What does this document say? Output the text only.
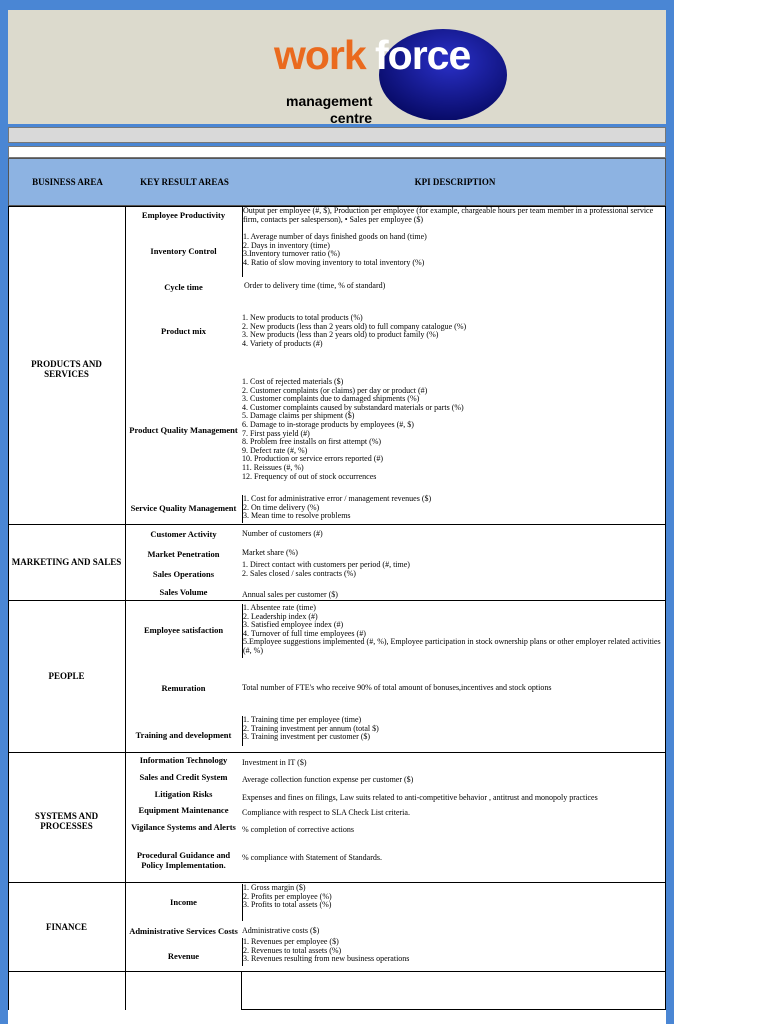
work force
management
centre
BUSINESS AREA	KEY RESULT AREAS	KPI DESCRIPTION
PRODUCTS AND SERVICES
MARKETING AND SALES
PEOPLE
SYSTEMS AND PROCESSES
FINANCE
Employee Productivity
Inventory Control
Cycle time
Product mix
Product Quality Management
Service Quality Management
Customer Activity
Market Penetration
Sales Operations
Sales Volume
Employee satisfaction
Remuration
Training and development
Information Technology
Sales and Credit System
Litigation Risks
Equipment Maintenance
Vigilance Systems and Alerts
Procedural Guidance and Policy Implementation.
Income
Administrative Services Costs
Revenue
Output per employee (#, $), Production per employee (for example, chargeable hours per team member in a professional service firm, contacts per salesperson), • Sales per employee ($)
1. Average number of days finished goods on hand (time)
2. Days in inventory (time)
3.Inventory turnover ratio (%)
4. Ratio of slow moving inventory to total inventory (%)
Order to delivery time (time, % of standard)
1. New products to total products (%)
2. New products (less than 2 years old) to full company catalogue (%)
3. New products (less than 2 years old) to product family (%)
4. Variety of products (#)
1. Cost of rejected materials ($)
2. Customer complaints (or claims) per day or product (#)
3. Customer complaints due to damaged shipments (%)
4. Customer complaints caused by substandard materials or parts (%)
5. Damage claims per shipment ($)
6. Damage to in-storage products by employees (#, $)
7. First pass yield (#)
8. Problem free installs on first attempt (%)
9. Defect rate (#, %)
10. Production or service errors reported (#)
11. Reissues (#, %)
12. Frequency of out of stock occurrences
1. Cost for administrative error / management revenues ($)
2. On time delivery (%)
3. Mean time to resolve problems
Number of customers (#)
Market share (%)
1. Direct contact with customers per period (#, time)
2. Sales closed / sales contracts (%)
Annual sales per customer ($)
1. Absentee rate (time)
2. Leadership index (#)
3. Satisfied employee index (#)
4. Turnover of full time employees (#)
5.Employee suggestions implemented (#, %), Employee participation in stock ownership plans or other employer related activities (#, %)
Total number of FTE's who receive 90% of total amount of bonuses,incentives and stock options
1. Training time per employee (time)
2. Training investment per annum (total $)
3. Training investment per customer ($)
Investment in IT ($)
Average collection function expense per customer ($)
Expenses and fines on filings, Law suits related to anti-competitive behavior , antitrust and monopoly practices
Compliance with respect to SLA Check List criteria.
% completion of corrective actions
% compliance with Statement of Standards.
1. Gross margin ($)
2. Profits per employee (%)
3. Profits to total assets (%)
Administrative costs ($)
1. Revenues per employee ($)
2. Revenues to total assets (%)
3. Revenues resulting from new business operations
